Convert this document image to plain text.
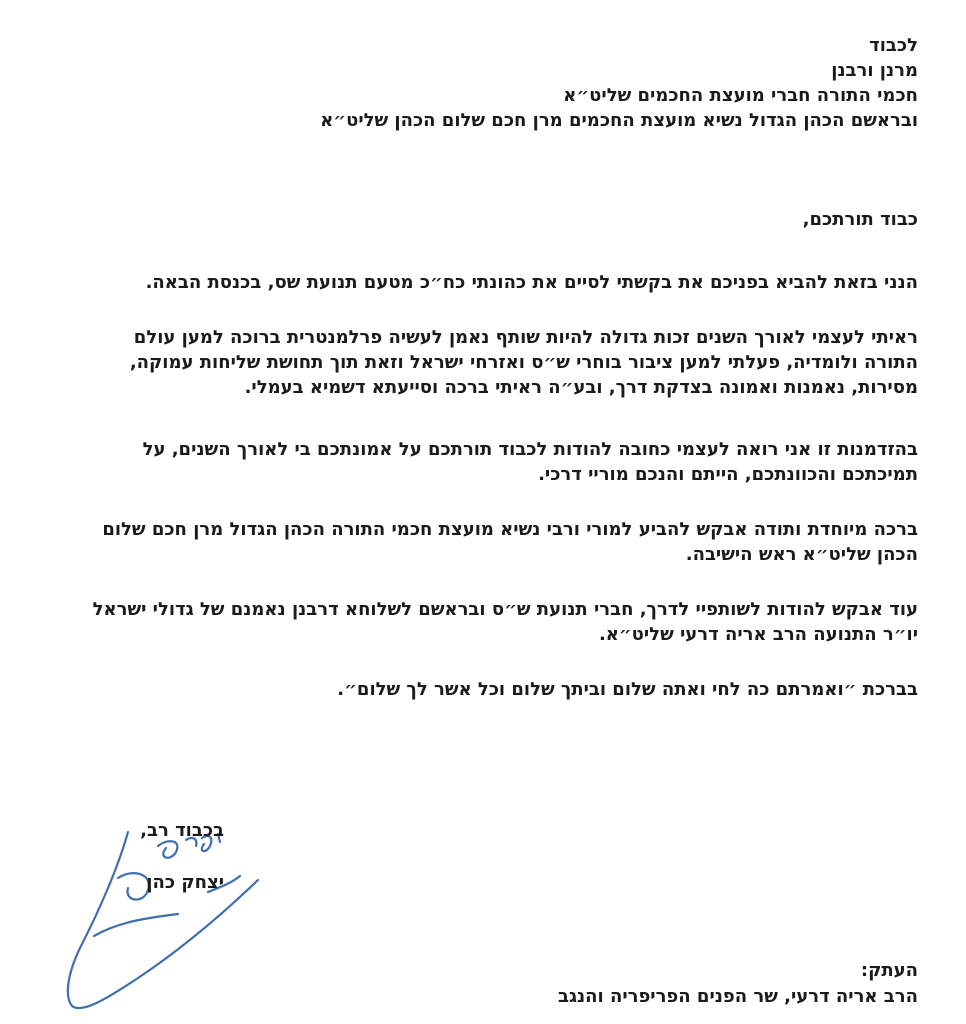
לכבוד
מרנן ורבנן
חכמי התורה חברי מועצת החכמים שליט״א
ובראשם הכהן הגדול נשיא מועצת החכמים מרן חכם שלום הכהן שליט״א
כבוד תורתכם,
הנני בזאת להביא בפניכם את בקשתי לסיים את כהונתי כח״כ מטעם תנועת שס, בכנסת הבאה.
ראיתי לעצמי לאורך השנים זכות גדולה להיות שותף נאמן לעשיה פרלמנטרית ברוכה למען עולם
התורה ולומדיה, פעלתי למען ציבור בוחרי ש״ס ואזרחי ישראל וזאת תוך תחושת שליחות עמוקה,
מסירות, נאמנות ואמונה בצדקת דרך, ובע״ה ראיתי ברכה וסייעתא דשמיא בעמלי.
בהזדמנות זו אני רואה לעצמי כחובה להודות לכבוד תורתכם על אמונתכם בי לאורך השנים, על
תמיכתכם והכוונתכם, הייתם והנכם מוריי דרכי.
ברכה מיוחדת ותודה אבקש להביע למורי ורבי נשיא מועצת חכמי התורה הכהן הגדול מרן חכם שלום
הכהן שליט״א ראש הישיבה.
עוד אבקש להודות לשותפיי לדרך, חברי תנועת ש״ס ובראשם לשלוחא דרבנן נאמנם של גדולי ישראל
יו״ר התנועה הרב אריה דרעי שליט״א.
בברכת ״ואמרתם כה לחי ואתה שלום וביתך שלום וכל אשר לך שלום״.
בכבוד רב,
יצחק כהן
העתק:
הרב אריה דרעי, שר הפנים הפריפריה והנגב
